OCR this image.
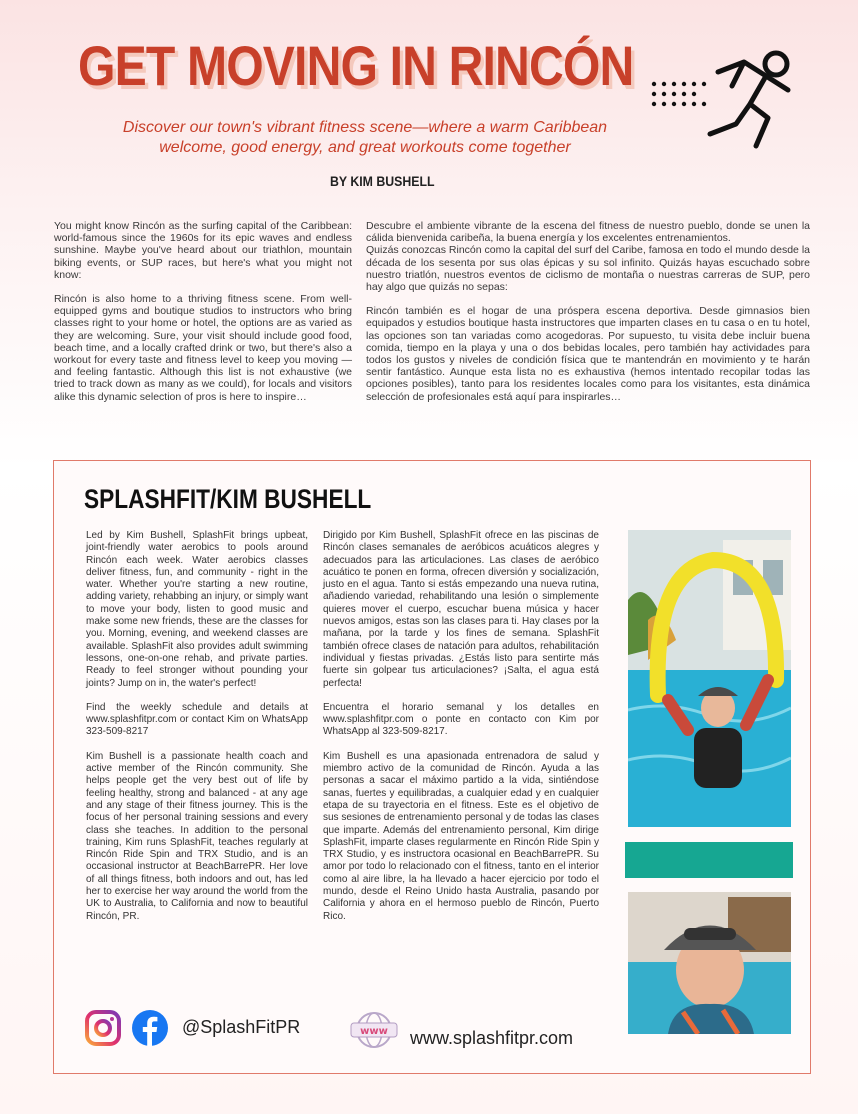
GET MOVING IN RINCÓN
Discover our town's vibrant fitness scene—where a warm Caribbean welcome, good energy, and great workouts come together
BY KIM BUSHELL

You might know Rincón as the surfing capital of the Caribbean: world-famous since the 1960s for its epic waves and endless sunshine. Maybe you've heard about our triathlon, mountain biking events, or SUP races, but here's what you might not know:

Rincón is also home to a thriving fitness scene. From well-equipped gyms and boutique studios to instructors who bring classes right to your home or hotel, the options are as varied as they are welcoming. Sure, your visit should include good food, beach time, and a locally crafted drink or two, but there's also a workout for every taste and fitness level to keep you moving — and feeling fantastic. Although this list is not exhaustive (we tried to track down as many as we could), for locals and visitors alike this dynamic selection of pros is here to inspire…

Descubre el ambiente vibrante de la escena del fitness de nuestro pueblo, donde se unen la cálida bienvenida caribeña, la buena energía y los excelentes entrenamientos.

Quizás conozcas Rincón como la capital del surf del Caribe, famosa en todo el mundo desde la década de los sesenta por sus olas épicas y su sol infinito. Quizás hayas escuchado sobre nuestro triatlón, nuestros eventos de ciclismo de montaña o nuestras carreras de SUP, pero hay algo que quizás no sepas:

Rincón también es el hogar de una próspera escena deportiva. Desde gimnasios bien equipados y estudios boutique hasta instructores que imparten clases en tu casa o en tu hotel, las opciones son tan variadas como acogedoras. Por supuesto, tu visita debe incluir buena comida, tiempo en la playa y una o dos bebidas locales, pero también hay actividades para todos los gustos y niveles de condición física que te mantendrán en movimiento y te harán sentir fantástico. Aunque esta lista no es exhaustiva (hemos intentado recopilar todas las opciones posibles), tanto para los residentes locales como para los visitantes, esta dinámica selección de profesionales está aquí para inspirarles…

SPLASHFIT/KIM BUSHELL

Led by Kim Bushell, SplashFit brings upbeat, joint-friendly water aerobics to pools around Rincón each week. Water aerobics classes deliver fitness, fun, and community - right in the water. Whether you're starting a new routine, adding variety, rehabbing an injury, or simply want to move your body, listen to good music and make some new friends, these are the classes for you. Morning, evening, and weekend classes are available. SplashFit also provides adult swimming lessons, one-on-one rehab, and private parties. Ready to feel stronger without pounding your joints? Jump on in, the water's perfect!

Find the weekly schedule and details at www.splashfitpr.com or contact Kim on WhatsApp 323-509-8217

Kim Bushell is a passionate health coach and active member of the Rincón community. She helps people get the very best out of life by feeling healthy, strong and balanced - at any age and any stage of their fitness journey. This is the focus of her personal training sessions and every class she teaches. In addition to the personal training, Kim runs SplashFit, teaches regularly at Rincón Ride Spin and TRX Studio, and is an occasional instructor at BeachBarrePR. Her love of all things fitness, both indoors and out, has led her to exercise her way around the world from the UK to Australia, to California and now to beautiful Rincón, PR.

Dirigido por Kim Bushell, SplashFit ofrece en las piscinas de Rincón clases semanales de aeróbicos acuáticos alegres y adecuados para las articulaciones. Las clases de aeróbico acuático te ponen en forma, ofrecen diversión y socialización, justo en el agua. Tanto si estás empezando una nueva rutina, añadiendo variedad, rehabilitando una lesión o simplemente quieres mover el cuerpo, escuchar buena música y hacer nuevos amigos, estas son las clases para ti. Hay clases por la mañana, por la tarde y los fines de semana. SplashFit también ofrece clases de natación para adultos, rehabilitación individual y fiestas privadas. ¿Estás listo para sentirte más fuerte sin golpear tus articulaciones? ¡Salta, el agua está perfecta!

Encuentra el horario semanal y los detalles en www.splashfitpr.com o ponte en contacto con Kim por WhatsApp al 323-509-8217.

Kim Bushell es una apasionada entrenadora de salud y miembro activo de la comunidad de Rincón. Ayuda a las personas a sacar el máximo partido a la vida, sintiéndose sanas, fuertes y equilibradas, a cualquier edad y en cualquier etapa de su trayectoria en el fitness. Este es el objetivo de sus sesiones de entrenamiento personal y de todas las clases que imparte. Además del entrenamiento personal, Kim dirige SplashFit, imparte clases regularmente en Rincón Ride Spin y TRX Studio, y es instructora ocasional en BeachBarrePR. Su amor por todo lo relacionado con el fitness, tanto en el interior como al aire libre, la ha llevado a hacer ejercicio por todo el mundo, desde el Reino Unido hasta Australia, pasando por California y ahora en el hermoso pueblo de Rincón, Puerto Rico.

@SplashFitPR	www www.splashfitpr.com
